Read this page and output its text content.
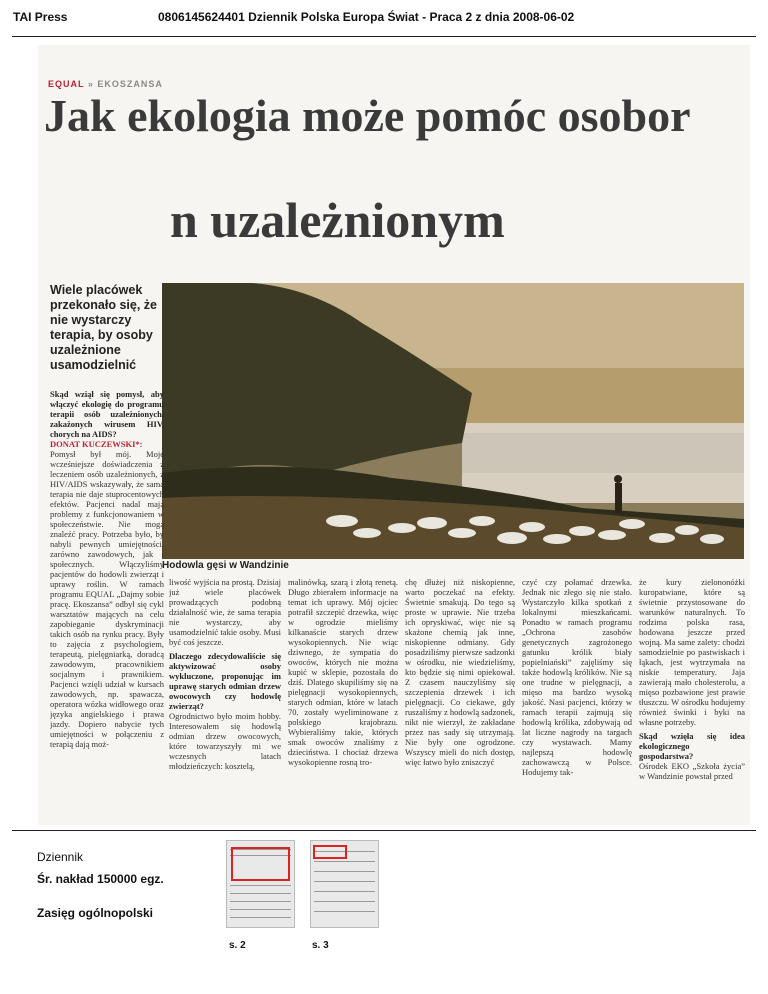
TAI Press	0806145624401 Dziennik Polska Europa Świat - Praca 2 z dnia 2008-06-02
EQUAL » EKOSZANSA
Jak ekologia może pomóc osobor
n uzależnionym
Wiele placówek przekonało się, że nie wystarczy terapia, by osoby uzależnione usamodzielnić
Hodowla gęsi w Wandzinie

Skąd wziął się pomysł, aby włączyć ekologię do programu terapii osób uzależnionych, zakażonych wirusem HIV, chorych na AIDS?

DONAT KUCZEWSKI*:

Pomysł był mój. Moje wcześniejsze doświadczenia z leczeniem osób uzależnionych, z HIV/AIDS wskazywały, że sama terapia nie daje stuprocentowych efektów. Pacjenci nadal mają problemy z funkcjonowaniem w społeczeństwie. Nie mogą znaleźć pracy. Potrzeba było, by nabyli pewnych umiejętności, zarówno zawodowych, jak i społecznych. Włączyliśmy pacjentów do hodowli zwierząt i uprawy roślin. W ramach programu EQUAL „Dajmy sobie pracę. Ekoszansa” odbył się cykl warsztatów mających na celu zapobieganie dyskryminacji takich osób na rynku pracy. Były to zajęcia z psychologiem, terapeutą, pielęgniarką, doradcą zawodowym, pracownikiem socjalnym i prawnikiem. Pacjenci wzięli udział w kursach zawodowych, np. spawacza, operatora wózka widłowego oraz języka angielskiego i prawa jazdy. Dopiero nabycie tych umiejętności w połączeniu z terapią dają moż-

liwość wyjścia na prostą. Dzisiaj już wiele placówek prowadzących podobną działalność wie, że sama terapia nie wystarczy, aby usamodzielnić takie osoby. Musi być coś jeszcze.

Dlaczego zdecydowaliście się aktywizować osoby wykluczone, proponując im uprawę starych odmian drzew owocowych czy hodowlę zwierząt?

Ogrodnictwo było moim hobby. Interesowałem się hodowlą odmian drzew owocowych, które towarzyszyły mi we wczesnych latach młodzieńczych: kosztelą,

malinówką, szarą i złotą renetą. Długo zbierałem informacje na temat ich uprawy. Mój ojciec potrafił szczepić drzewka, więc w ogrodzie mieliśmy kilkanaście starych drzew wysokopiennych. Nie wiąc dziwnego, że sympatia do owoców, których nie można kupić w sklepie, pozostała do dziś. Dlatego skupiliśmy się na pielęgnacji wysokopiennych, starych odmian, które w latach 70. zostały wyeliminowane z polskiego krajobrazu. Wybieraliśmy takie, których smak owoców znaliśmy z dzieciństwa. I chociaż drzewa wysokopienne rosną tro-

chę dłużej niż niskopienne, warto poczekać na efekty. Świetnie smakują. Do tego są proste w uprawie. Nie trzeba ich opryskiwać, więc nie są skażone chemią jak inne, niskopienne odmiany. Gdy posadziliśmy pierwsze sadzonki w ośrodku, nie wiedzieliśmy, kto będzie się nimi opiekował. Z czasem nauczyliśmy się szczepienia drzewek i ich pielęgnacji. Co ciekawe, gdy ruszaliśmy z hodowlą sadzonek, nikt nie wierzył, że zakładane przez nas sady się utrzymają. Nie były one ogrodzone. Wszyscy mieli do nich dostęp, więc łatwo było zniszczyć

czyć czy połamać drzewka. Jednak nic złego się nie stało. Wystarczyło kilka spotkań z lokalnymi mieszkańcami. Ponadto w ramach programu „Ochrona zasobów genetycznych zagrożonego gatunku królik biały popielniański” zajęliśmy się także hodowlą królików. Nie są one trudne w pielęgnacji, a mięso ma bardzo wysoką jakość. Nasi pacjenci, którzy w ramach terapii zajmują się hodowlą królika, zdobywają od lat liczne nagrody na targach czy wystawach. Mamy najlepszą hodowlę zachowawczą w Polsce. Hodujemy tak-

że kury zielononóżki kuropatwiane, które są świetnie przystosowane do warunków naturalnych. To rodzima polska rasa, hodowana jeszcze przed wojną. Ma same zalety: chodzi samodzielnie po pastwiskach i łąkach, jest wytrzymała na niskie temperatury. Jaja zawierają mało cholesterolu, a mięso pozbawione jest prawie tłuszczu. W ośrodku hodujemy również świnki i byki na własne potrzeby.

Skąd wzięła się idea ekologicznego gospodarstwa?

Ośrodek EKO „Szkoła życia” w Wandzinie powstał przed

Dziennik
Śr. nakład 150000 egz.
Zasięg ogólnopolski
s. 2	s. 3
